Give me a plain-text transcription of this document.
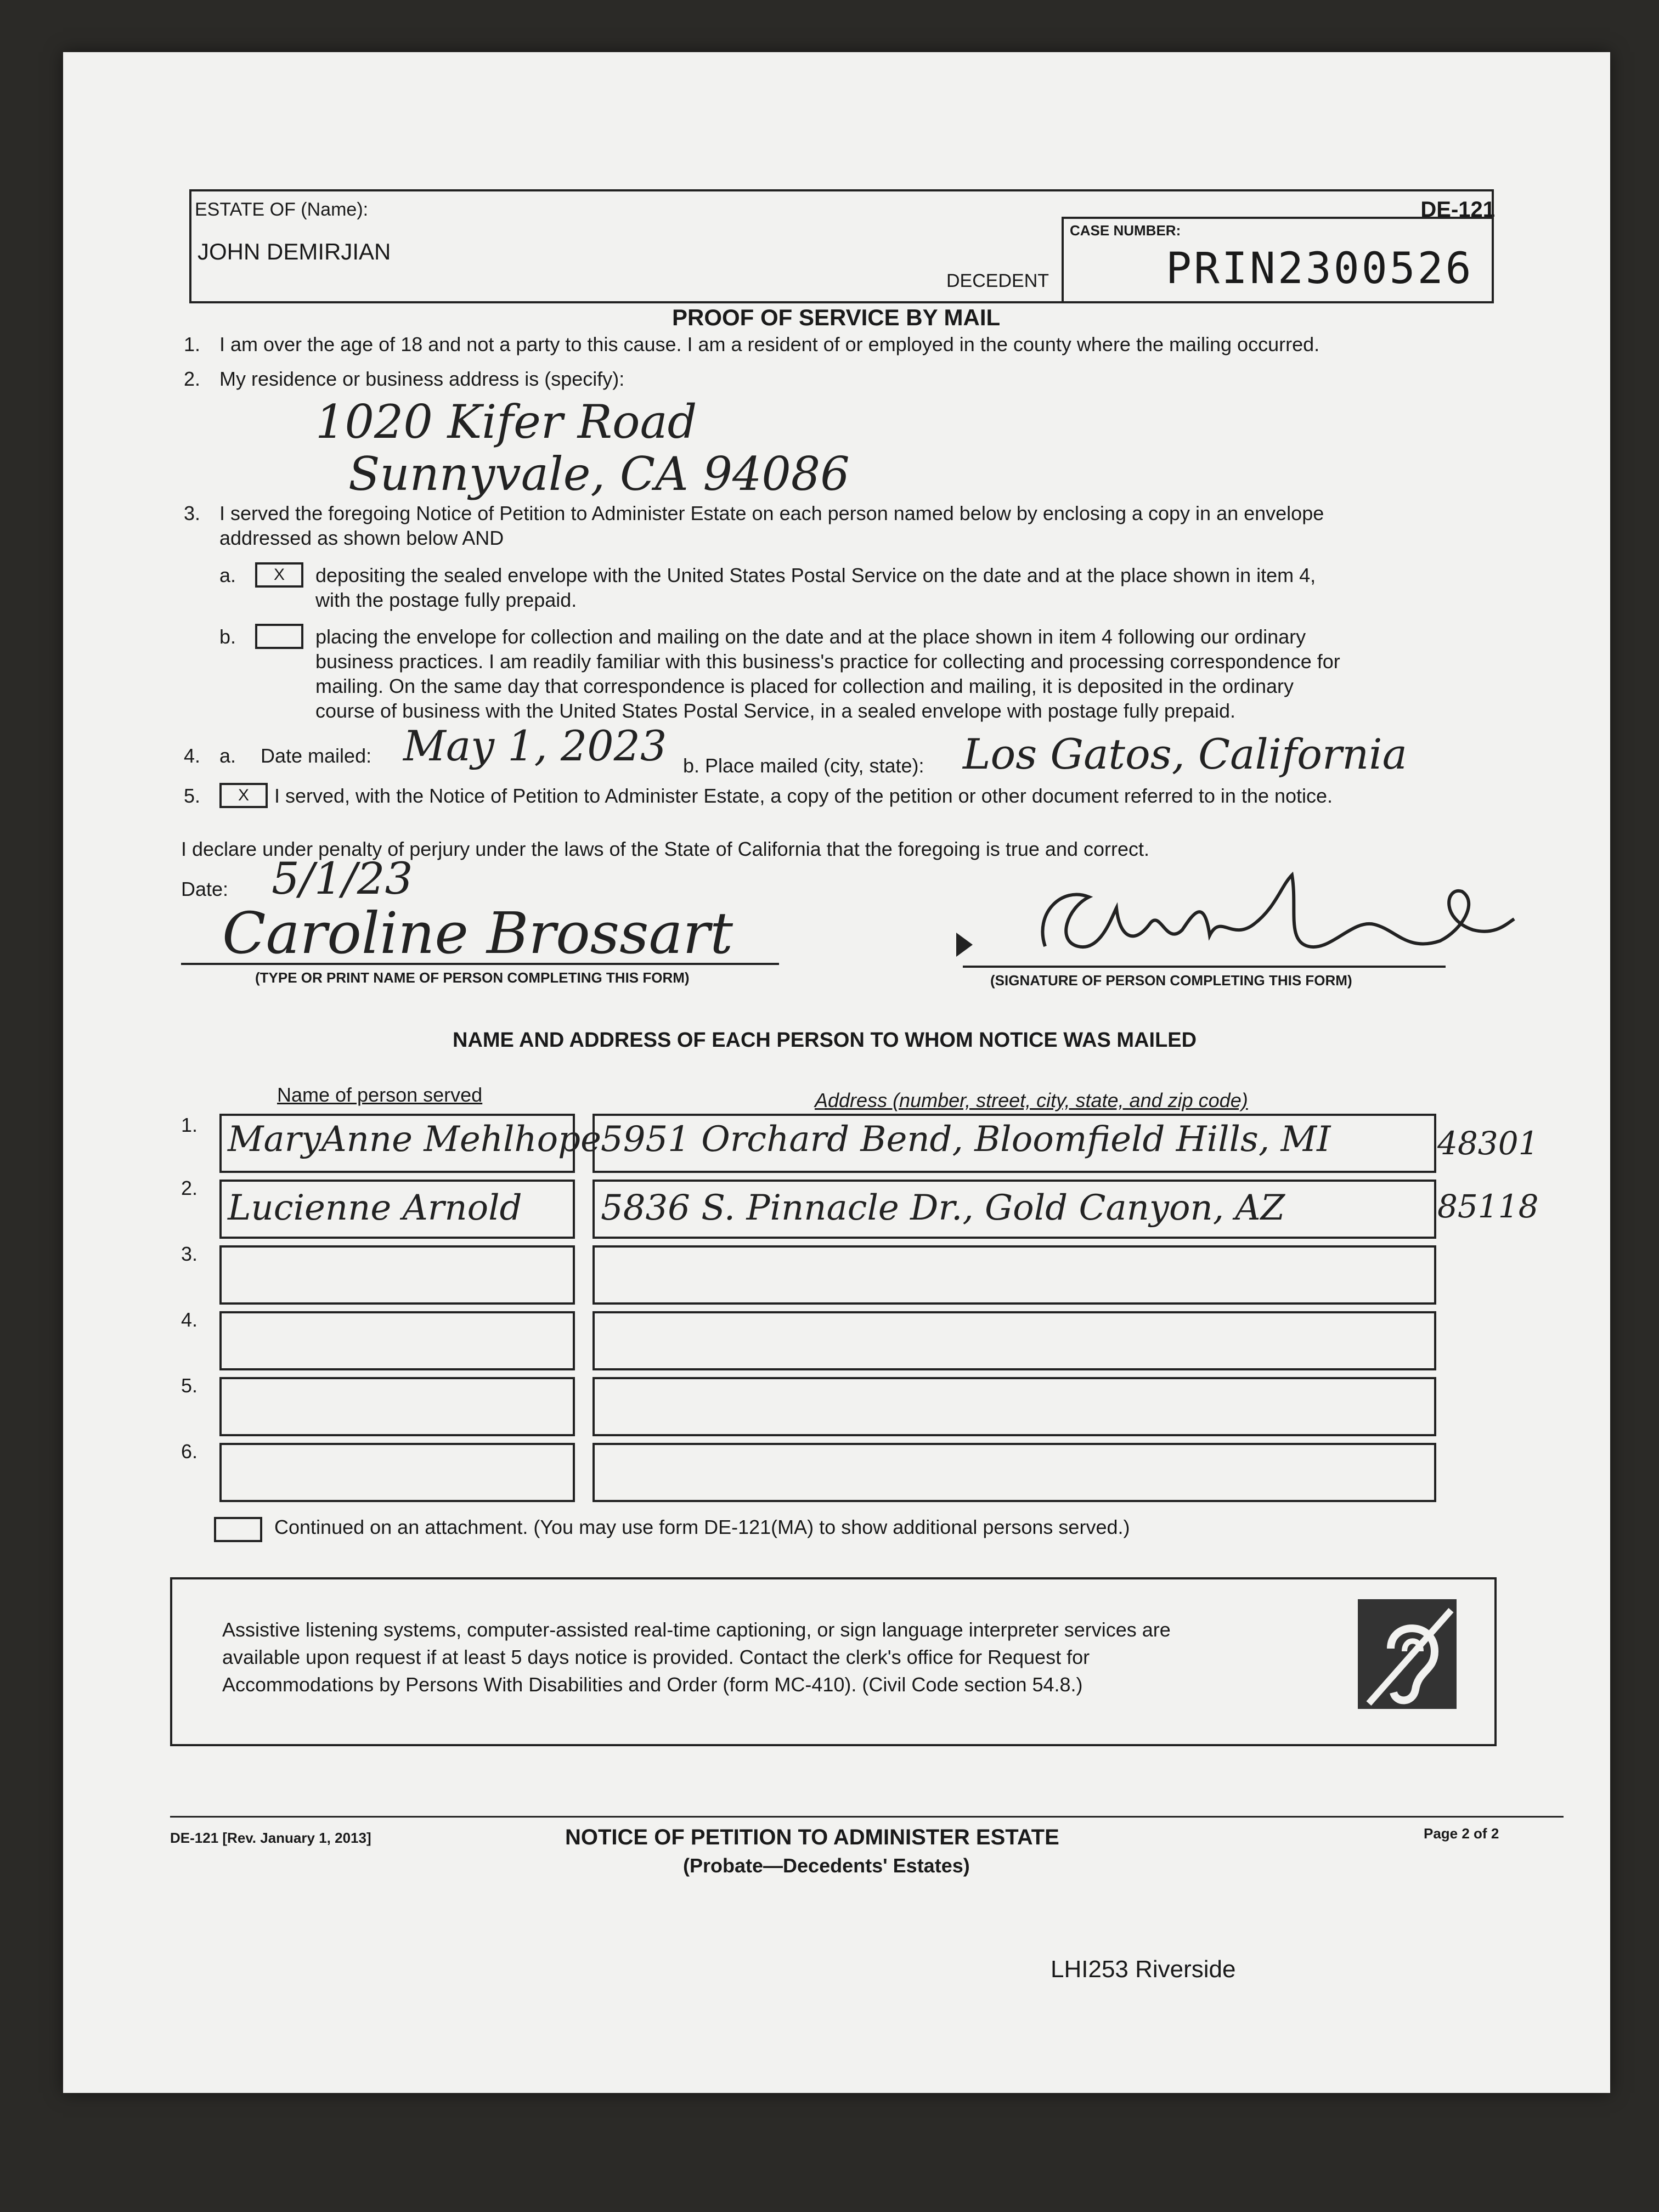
DE-121
ESTATE OF (Name):
JOHN DEMIRJIAN
DECEDENT
CASE NUMBER:
PRIN2300526
PROOF OF SERVICE BY MAIL
1. I am over the age of 18 and not a party to this cause. I am a resident of or employed in the county where the mailing occurred.
2. My residence or business address is (specify):
1020 Kifer Road
Sunnyvale, CA 94086
3. I served the foregoing Notice of Petition to Administer Estate on each person named below by enclosing a copy in an envelope
addressed as shown below AND
a.	X	depositing the sealed envelope with the United States Postal Service on the date and at the place shown in item 4,
with the postage fully prepaid.
b.	placing the envelope for collection and mailing on the date and at the place shown in item 4 following our ordinary
business practices. I am readily familiar with this business's practice for collecting and processing correspondence for
mailing. On the same day that correspondence is placed for collection and mailing, it is deposited in the ordinary
course of business with the United States Postal Service, in a sealed envelope with postage fully prepaid.
4. a. Date mailed: May 1, 2023 b. Place mailed (city, state): Los Gatos, California
5.	X	I served, with the Notice of Petition to Administer Estate, a copy of the petition or other document referred to in the notice.
I declare under penalty of perjury under the laws of the State of California that the foregoing is true and correct.
Date: 5/1/23
Caroline Brossart
(TYPE OR PRINT NAME OF PERSON COMPLETING THIS FORM)	(SIGNATURE OF PERSON COMPLETING THIS FORM)
NAME AND ADDRESS OF EACH PERSON TO WHOM NOTICE WAS MAILED
Name of person served	Address (number, street, city, state, and zip code)
1. MaryAnne Mehlhope 5951 Orchard Bend, Bloomfield Hills, MI	48301
2. Lucienne Arnold 5836 S. Pinnacle Dr., Gold Canyon, AZ	85118
3.
4.
5.
6.
Continued on an attachment. (You may use form DE-121(MA) to show additional persons served.)
Assistive listening systems, computer-assisted real-time captioning, or sign language interpreter services are
available upon request if at least 5 days notice is provided. Contact the clerk's office for Request for
Accommodations by Persons With Disabilities and Order (form MC-410). (Civil Code section 54.8.)
DE-121 [Rev. January 1, 2013]	NOTICE OF PETITION TO ADMINISTER ESTATE
(Probate—Decedents' Estates)
Page 2 of 2
LHI253 Riverside
